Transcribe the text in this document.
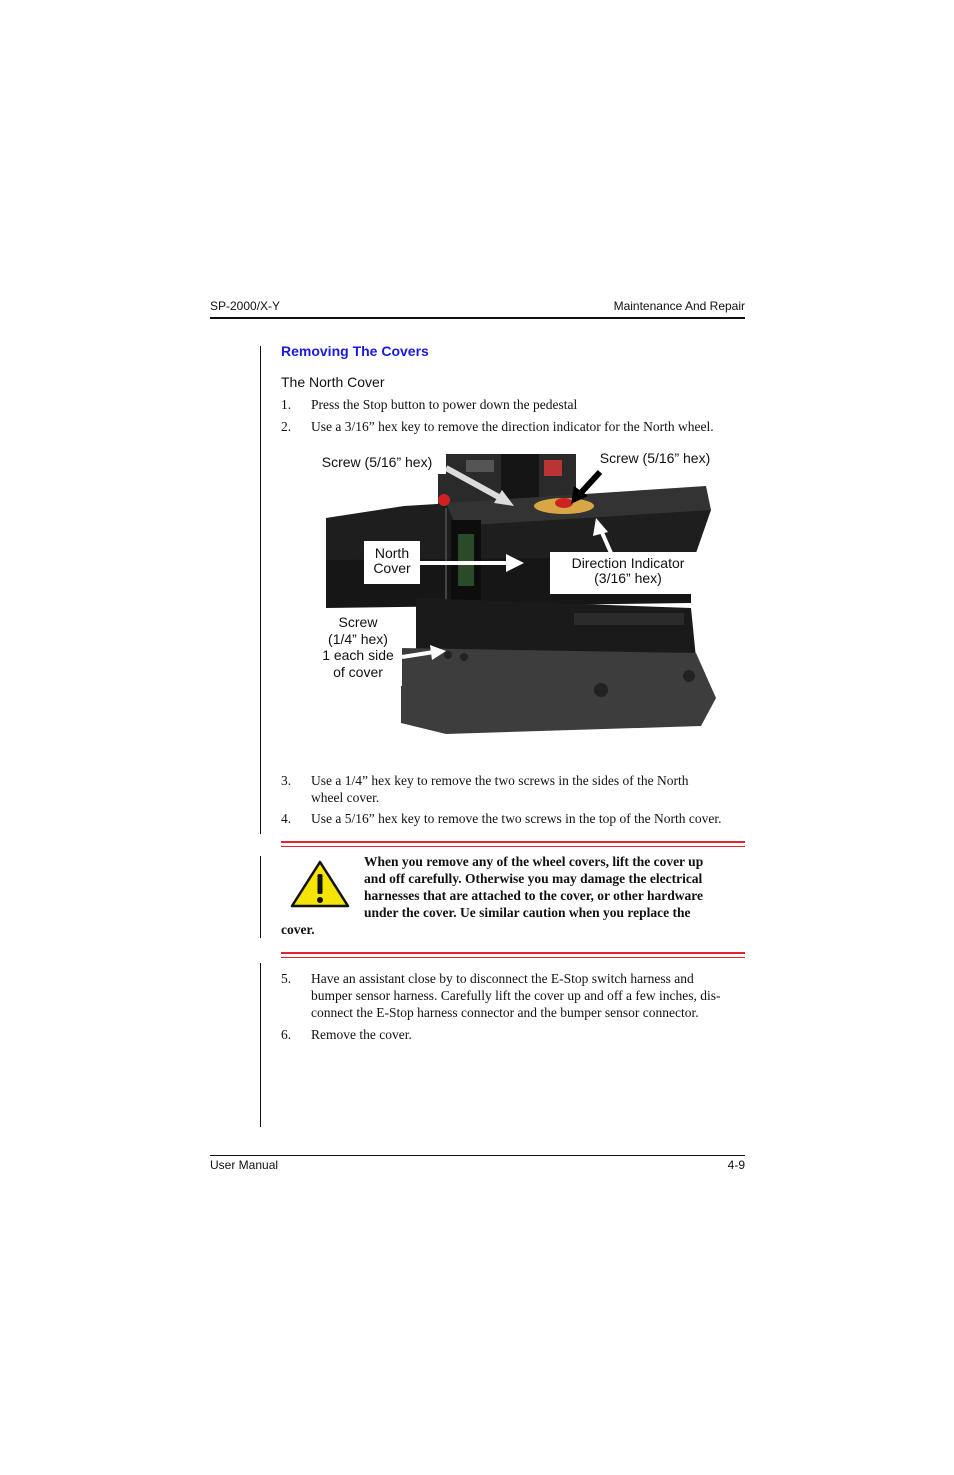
SP-2000/X-Y	Maintenance And Repair
Removing The Covers
The North Cover
1. Press the Stop button to power down the pedestal
2. Use a 3/16” hex key to remove the direction indicator for the North wheel.
Screw (5/16” hex)	Screw (5/16” hex)
North
Cover	Direction Indicator
(3/16” hex)
Screw
(1/4” hex)
1 each side
of cover
3. Use a 1/4” hex key to remove the two screws in the sides of the North
wheel cover.
4. Use a 5/16” hex key to remove the two screws in the top of the North cover.
When you remove any of the wheel covers, lift the cover up
and off carefully. Otherwise you may damage the electrical
harnesses that are attached to the cover, or other hardware
under the cover. Ue similar caution when you replace the
cover.
5. Have an assistant close by to disconnect the E-Stop switch harness and
bumper sensor harness. Carefully lift the cover up and off a few inches, dis-
connect the E-Stop harness connector and the bumper sensor connector.
6. Remove the cover.
User Manual	4-9
